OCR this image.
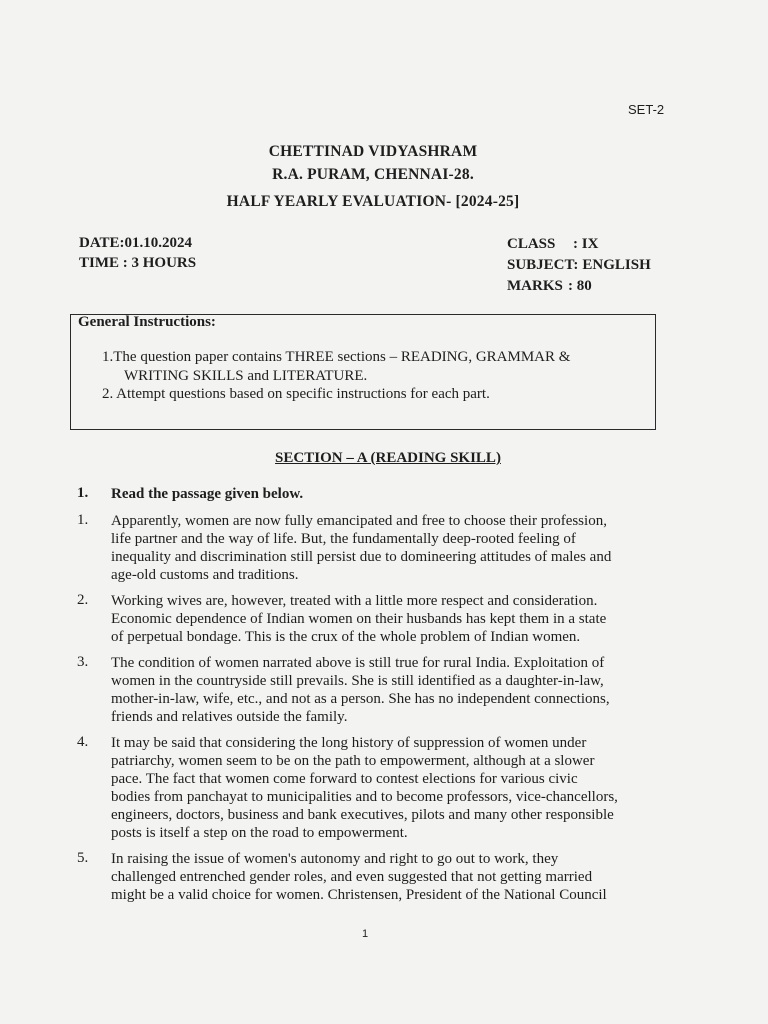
SET-2
CHETTINAD VIDYASHRAM
R.A. PURAM, CHENNAI-28.
HALF YEARLY EVALUATION- [2024-25]
DATE:01.10.2024
TIME : 3 HOURS
CLASS	: IX
SUBJECT: ENGLISH
MARKS : 80
General Instructions:
1.The question paper contains THREE sections – READING, GRAMMAR &
WRITING SKILLS and LITERATURE.
2. Attempt questions based on specific instructions for each part.
SECTION – A (READING SKILL)
1. Read the passage given below.
1. Apparently, women are now fully emancipated and free to choose their profession,
life partner and the way of life. But, the fundamentally deep-rooted feeling of
inequality and discrimination still persist due to domineering attitudes of males and
age-old customs and traditions.
2. Working wives are, however, treated with a little more respect and consideration.
Economic dependence of Indian women on their husbands has kept them in a state
of perpetual bondage. This is the crux of the whole problem of Indian women.
3. The condition of women narrated above is still true for rural India. Exploitation of
women in the countryside still prevails. She is still identified as a daughter-in-law,
mother-in-law, wife, etc., and not as a person. She has no independent connections,
friends and relatives outside the family.
4. It may be said that considering the long history of suppression of women under
patriarchy, women seem to be on the path to empowerment, although at a slower
pace. The fact that women come forward to contest elections for various civic
bodies from panchayat to municipalities and to become professors, vice-chancellors,
engineers, doctors, business and bank executives, pilots and many other responsible
posts is itself a step on the road to empowerment.
5. In raising the issue of women's autonomy and right to go out to work, they
challenged entrenched gender roles, and even suggested that not getting married
might be a valid choice for women. Christensen, President of the National Council
1
